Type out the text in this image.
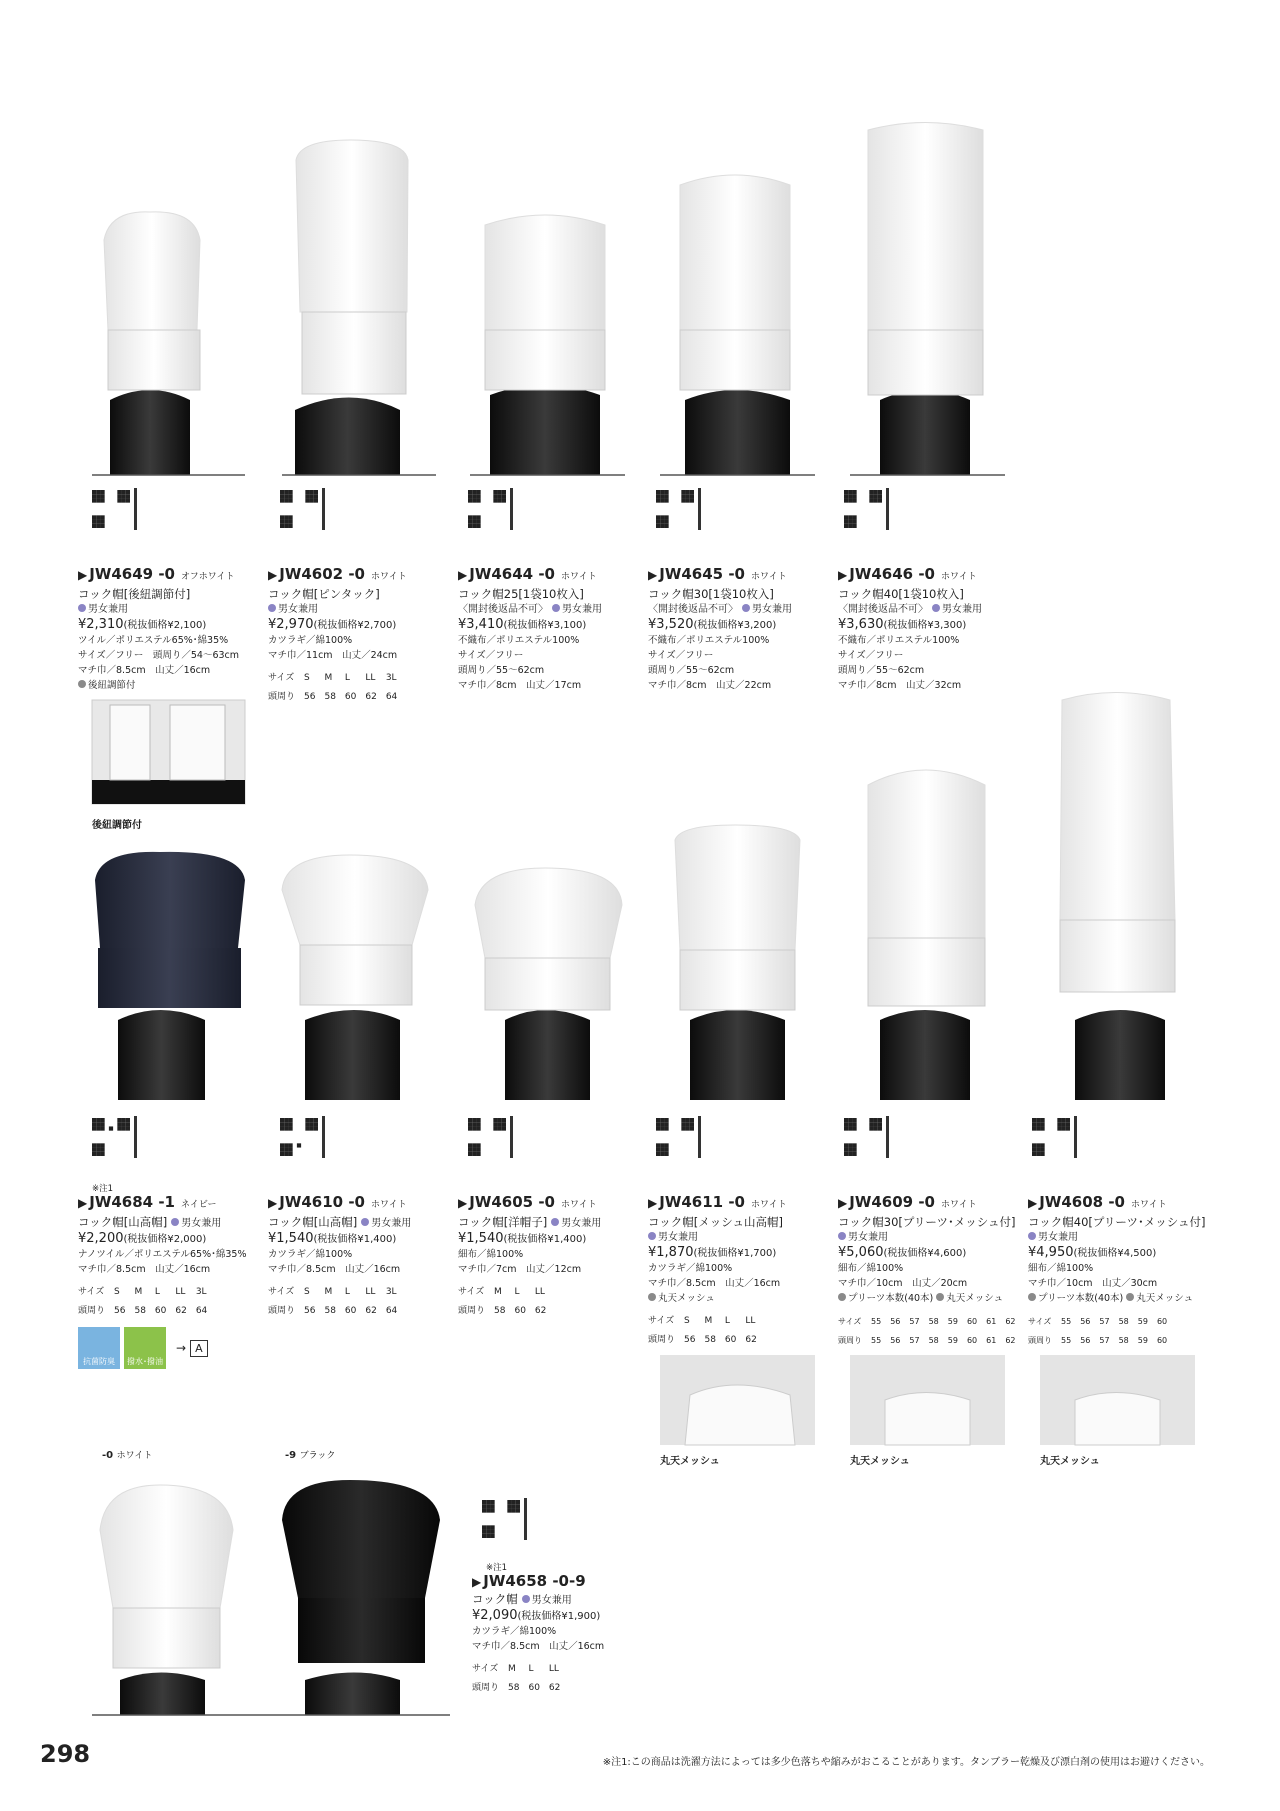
▶ JW4649 -0 オフホワイト
コック帽[後紐調節付]
男女兼用
¥2,310(税抜価格¥2,100)
ツイル／ポリエステル65%･綿35%
サイズ／フリー　頭周り／54〜63cm
マチ巾／8.5cm　山丈／16cm
後紐調節付
後紐調節付
▶ JW4602 -0 ホワイト
コック帽[ピンタック]
男女兼用
¥2,970(税抜価格¥2,700)
カツラギ／綿100%
マチ巾／11cm　山丈／24cm
サイズ	S	M	L	LL	3L
頭周り	56	58	60	62	64
▶ JW4644 -0 ホワイト
コック帽25[1袋10枚入]
〈開封後返品不可〉 男女兼用
¥3,410(税抜価格¥3,100)
不織布／ポリエステル100%
サイズ／フリー
頭周り／55〜62cm
マチ巾／8cm　山丈／17cm
▶ JW4645 -0 ホワイト
コック帽30[1袋10枚入]
〈開封後返品不可〉 男女兼用
¥3,520(税抜価格¥3,200)
不織布／ポリエステル100%
サイズ／フリー
頭周り／55〜62cm
マチ巾／8cm　山丈／22cm
▶ JW4646 -0 ホワイト
コック帽40[1袋10枚入]
〈開封後返品不可〉 男女兼用
¥3,630(税抜価格¥3,300)
不織布／ポリエステル100%
サイズ／フリー
頭周り／55〜62cm
マチ巾／8cm　山丈／32cm
※注1
▶ JW4684 -1 ネイビー
コック帽[山高帽] 男女兼用
¥2,200(税抜価格¥2,000)
ナノツイル／ポリエステル65%･綿35%
マチ巾／8.5cm　山丈／16cm
サイズ	S	M	L	LL	3L
頭周り	56	58	60	62	64
抗菌防臭 撥水･撥油
→ A
▶ JW4610 -0 ホワイト
コック帽[山高帽] 男女兼用
¥1,540(税抜価格¥1,400)
カツラギ／綿100%
マチ巾／8.5cm　山丈／16cm
サイズ	S	M	L	LL	3L
頭周り	56	58	60	62	64
▶ JW4605 -0 ホワイト
コック帽[洋帽子] 男女兼用
¥1,540(税抜価格¥1,400)
細布／綿100%
マチ巾／7cm　山丈／12cm
サイズ	M	L	LL
頭周り	58	60	62
▶ JW4611 -0 ホワイト
コック帽[メッシュ山高帽]
男女兼用
¥1,870(税抜価格¥1,700)
カツラギ／綿100%
マチ巾／8.5cm　山丈／16cm
丸天メッシュ
サイズ	S	M	L	LL
頭周り	56	58	60	62
丸天メッシュ
▶ JW4609 -0 ホワイト
コック帽30[プリーツ･メッシュ付]
男女兼用
¥5,060(税抜価格¥4,600)
細布／綿100%
マチ巾／10cm　山丈／20cm
プリーツ本数(40本) 丸天メッシュ
サイズ	55	56	57	58	59	60	61	62
頭周り	55	56	57	58	59	60	61	62
丸天メッシュ
▶ JW4608 -0 ホワイト
コック帽40[プリーツ･メッシュ付]
男女兼用
¥4,950(税抜価格¥4,500)
細布／綿100%
マチ巾／10cm　山丈／30cm
プリーツ本数(40本) 丸天メッシュ
サイズ	55	56	57	58	59	60
頭周り	55	56	57	58	59	60
丸天メッシュ
-0 ホワイト	-9 ブラック
※注1
▶ JW4658 -0-9
コック帽 男女兼用
¥2,090(税抜価格¥1,900)
カツラギ／綿100%
マチ巾／8.5cm　山丈／16cm
サイズ	M	L	LL
頭周り	58	60	62
298	※注1:この商品は洗濯方法によっては多少色落ちや縮みがおこることがあります。タンブラー乾燥及び漂白剤の使用はお避けください。
